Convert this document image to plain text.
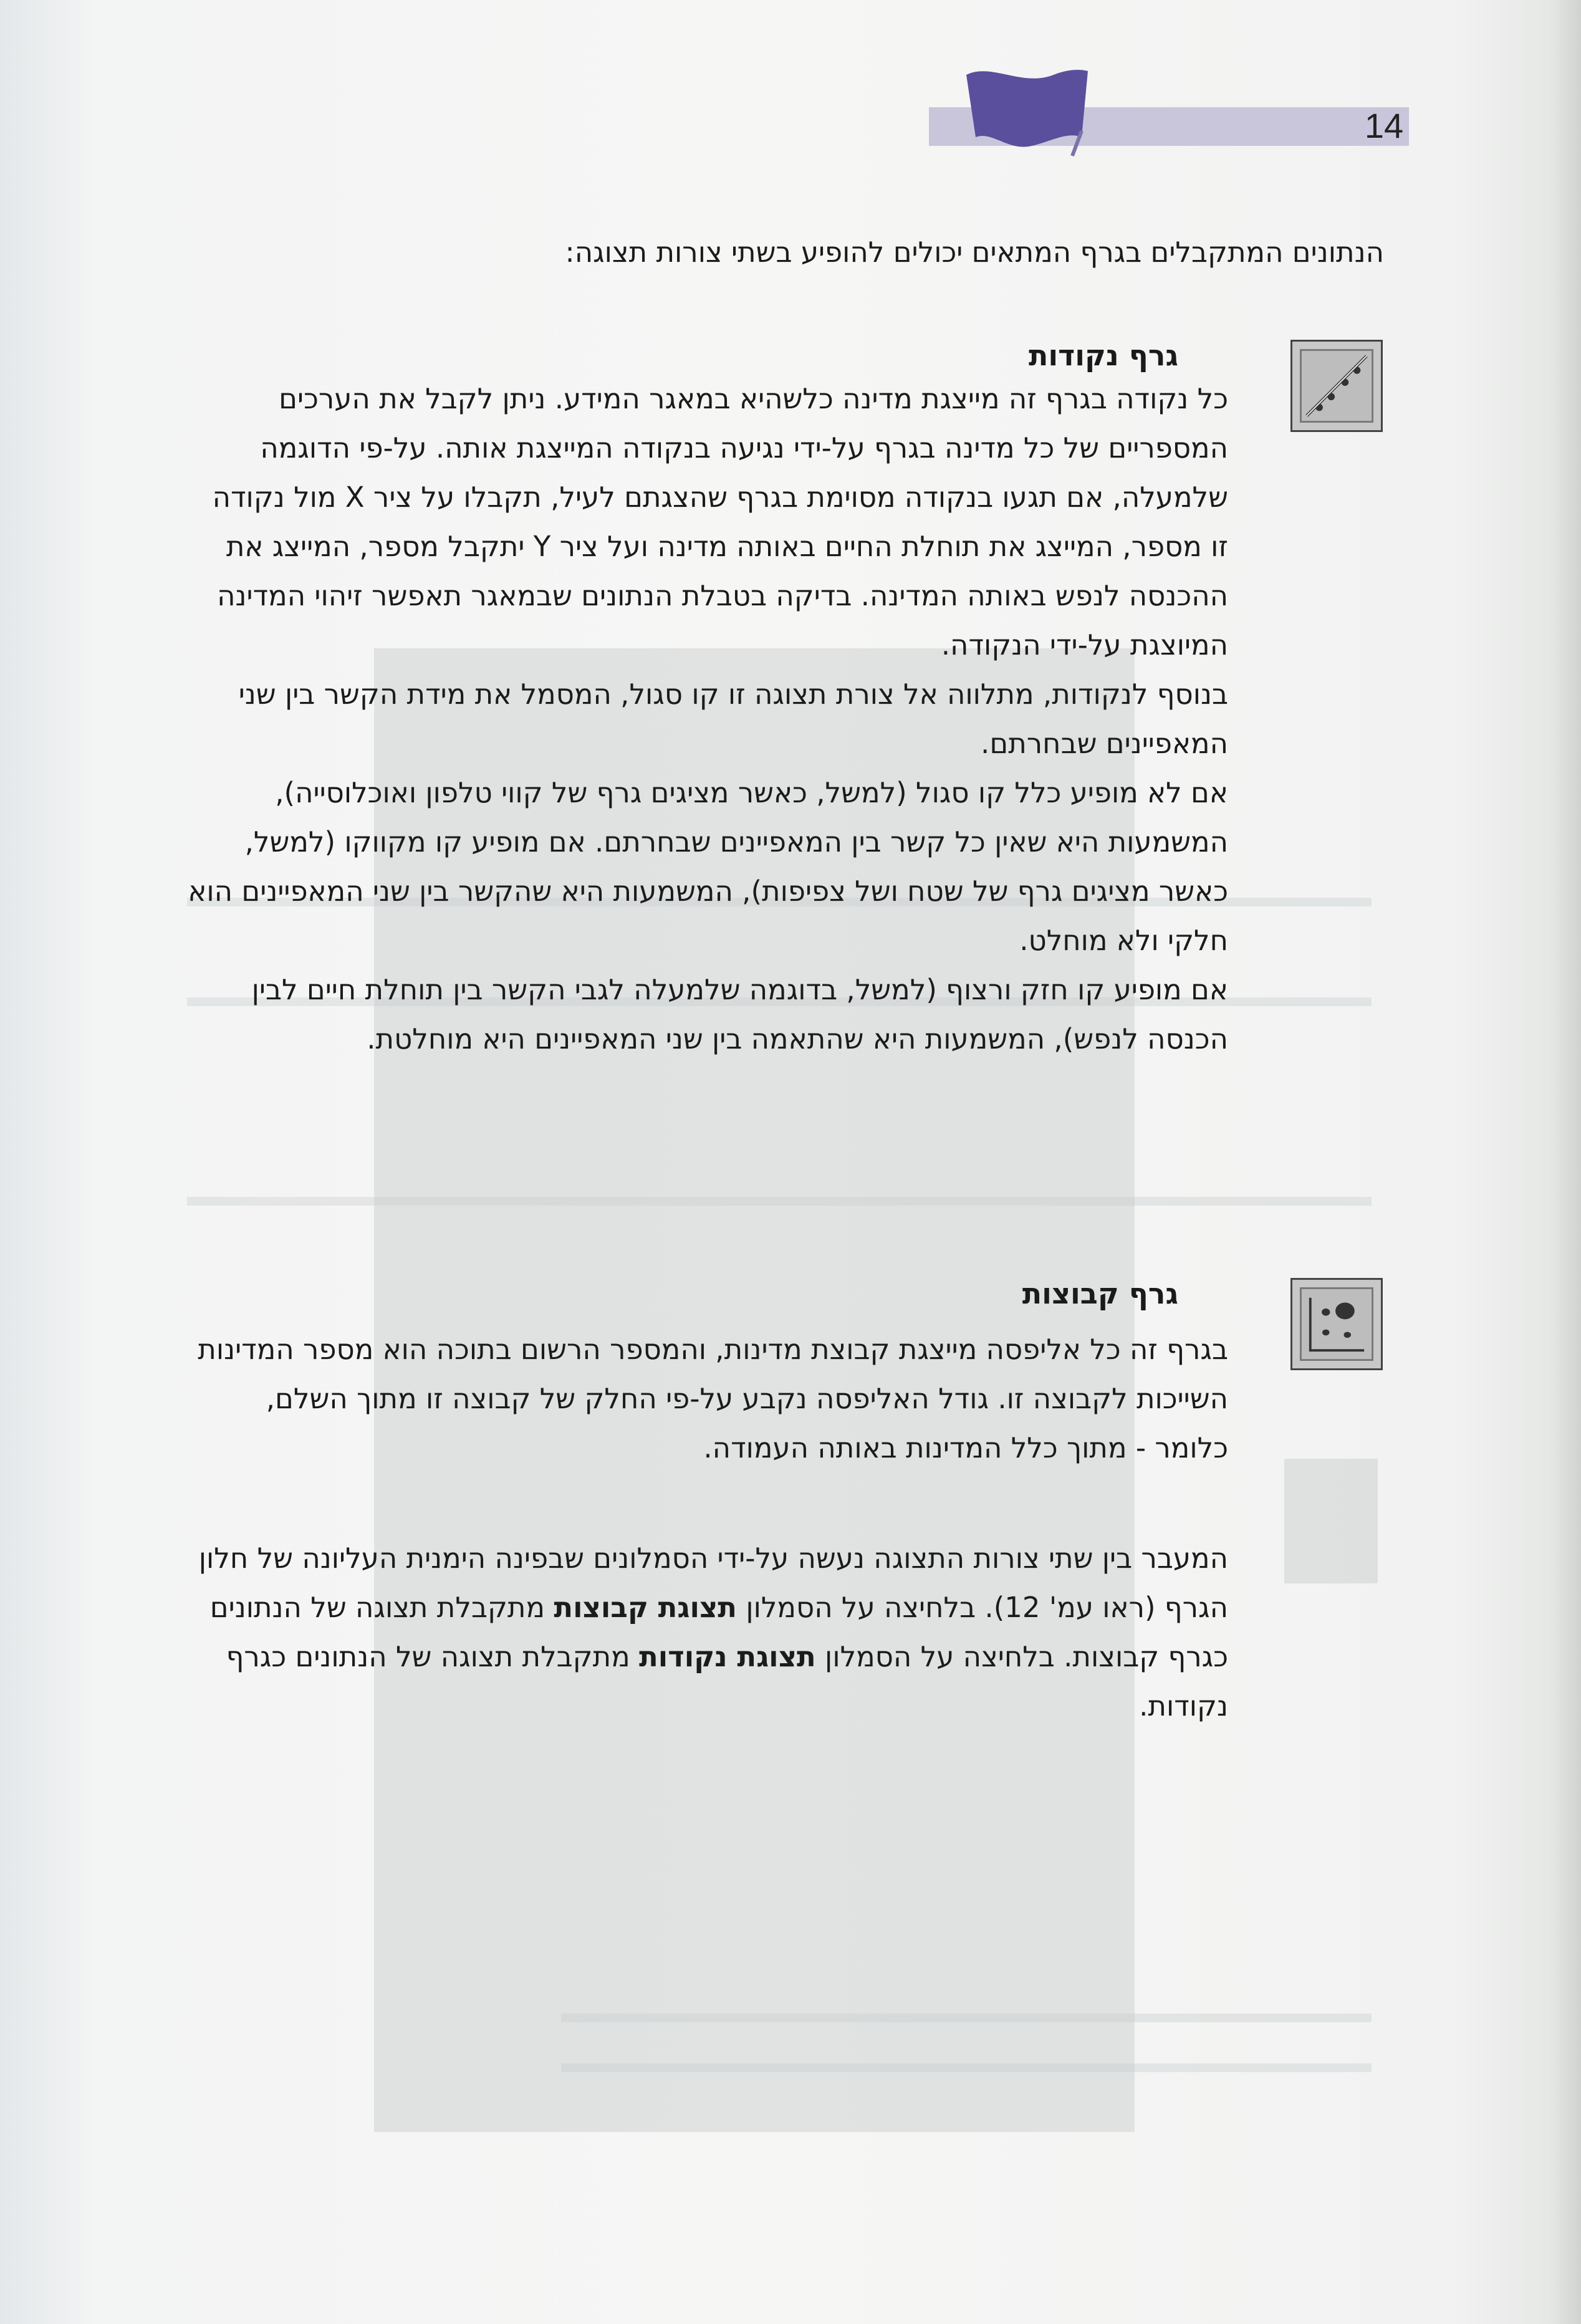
14
הנתונים המתקבלים בגרף המתאים יכולים להופיע בשתי צורות תצוגה:
גרף נקודות

כל נקודה בגרף זה מייצגת מדינה כלשהיא במאגר המידע. ניתן לקבל את הערכים המספריים של כל מדינה בגרף על-ידי נגיעה בנקודה המייצגת אותה. על-פי הדוגמה שלמעלה, אם תגעו בנקודה מסוימת בגרף שהצגתם לעיל, תקבלו על ציר X מול נקודה זו מספר, המייצג את תוחלת החיים באותה מדינה ועל ציר Y יתקבל מספר, המייצג את ההכנסה לנפש באותה המדינה. בדיקה בטבלת הנתונים שבמאגר תאפשר זיהוי המדינה המיוצגת על-ידי הנקודה.

בנוסף לנקודות, מתלווה אל צורת תצוגה זו קו סגול, המסמל את מידת הקשר בין שני המאפיינים שבחרתם.

אם לא מופיע כלל קו סגול (למשל, כאשר מציגים גרף של קווי טלפון ואוכלוסייה), המשמעות היא שאין כל קשר בין המאפיינים שבחרתם. אם מופיע קו מקווקו (למשל, כאשר מציגים גרף של שטח ושל צפיפות), המשמעות היא שהקשר בין שני המאפיינים הוא חלקי ולא מוחלט.

אם מופיע קו חזק ורצוף (למשל, בדוגמה שלמעלה לגבי הקשר בין תוחלת חיים לבין הכנסה לנפש), המשמעות היא שהתאמה בין שני המאפיינים היא מוחלטת.

גרף קבוצות

בגרף זה כל אליפסה מייצגת קבוצת מדינות, והמספר הרשום בתוכה הוא מספר המדינות השייכות לקבוצה זו. גודל האליפסה נקבע על-פי החלק של קבוצה זו מתוך השלם, כלומר - מתוך כלל המדינות באותה העמודה.

המעבר בין שתי צורות התצוגה נעשה על-ידי הסמלונים שבפינה הימנית העליונה של חלון הגרף (ראו עמ' 12). בלחיצה על הסמלון תצוגת קבוצות מתקבלת תצוגה של הנתונים כגרף קבוצות. בלחיצה על הסמלון תצוגת נקודות מתקבלת תצוגה של הנתונים כגרף נקודות.
